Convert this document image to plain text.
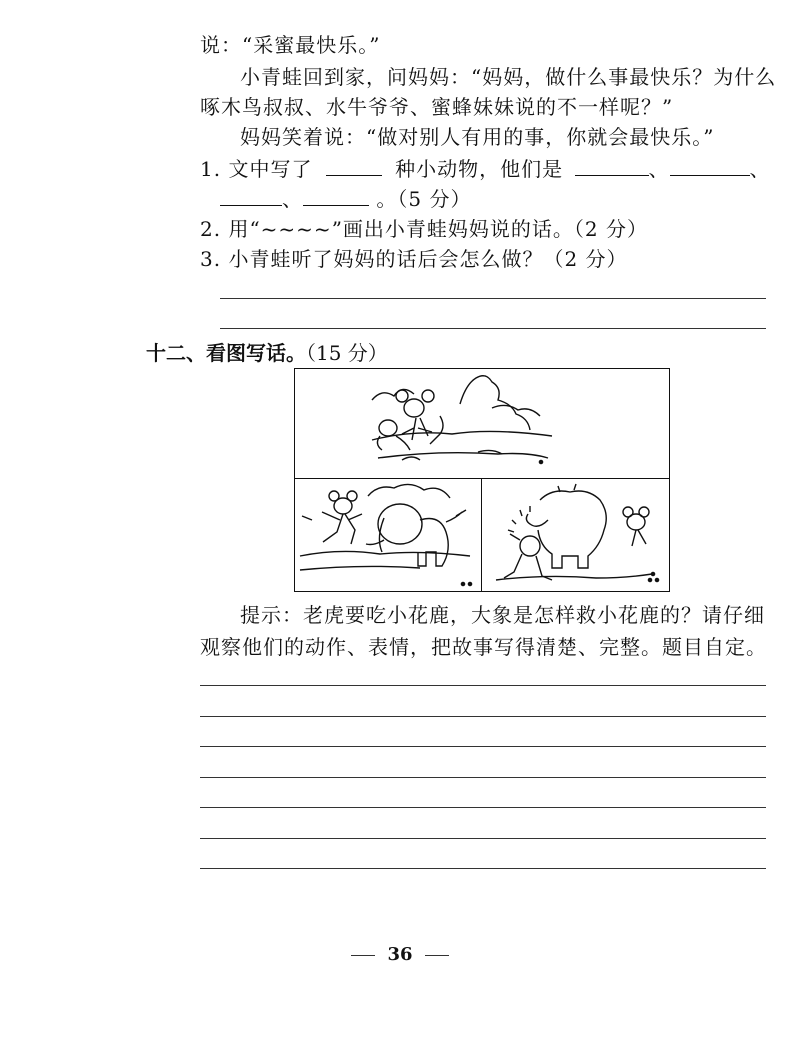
说：“采蜜最快乐。”
小青蛙回到家，问妈妈：“妈妈，做什么事最快乐？为什么
啄木鸟叔叔、水牛爷爷、蜜蜂妹妹说的不一样呢？”
妈妈笑着说：“做对别人有用的事，你就会最快乐。”
1. 文中写了	种小动物，他们是	、	、
、	。（5 分）
2. 用“~~~~”画出小青蛙妈妈说的话。（2 分）
3. 小青蛙听了妈妈的话后会怎么做？（2 分）
十二、看图写话。（15 分）
提示：老虎要吃小花鹿，大象是怎样救小花鹿的？请仔细
观察他们的动作、表情，把故事写得清楚、完整。题目自定。
36
